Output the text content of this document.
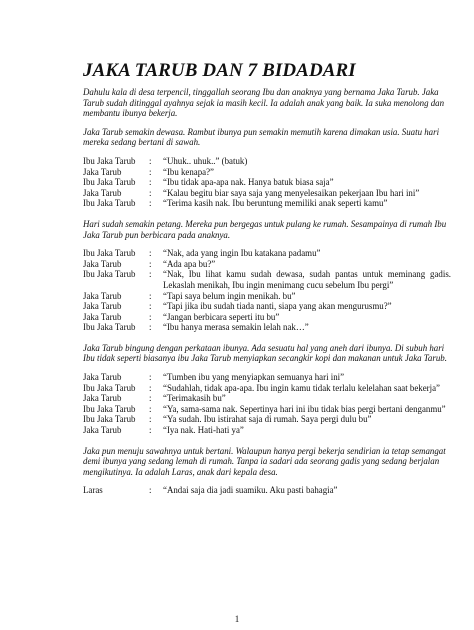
JAKA TARUB DAN 7 BIDADARI

Dahulu kala di desa terpencil, tinggallah seorang Ibu dan anaknya yang bernama Jaka Tarub. Jaka Tarub sudah ditinggal ayahnya sejak ia masih kecil. Ia adalah anak yang baik. Ia suka menolong dan membantu ibunya bekerja.

Jaka Tarub semakin dewasa. Rambut ibunya pun semakin memutih karena dimakan usia. Suatu hari mereka sedang bertani di sawah.

Ibu Jaka Tarub	:	“Uhuk.. uhuk..” (batuk)
Jaka Tarub	:	“Ibu kenapa?”
Ibu Jaka Tarub	:	“Ibu tidak apa-apa nak. Hanya batuk biasa saja”
Jaka Tarub	:	“Kalau begitu biar saya saja yang menyelesaikan pekerjaan Ibu hari ini”
Ibu Jaka Tarub	:	“Terima kasih nak. Ibu beruntung memiliki anak seperti kamu”

Hari sudah semakin petang. Mereka pun bergegas untuk pulang ke rumah. Sesampainya di rumah Ibu Jaka Tarub pun berbicara pada anaknya.

Ibu Jaka Tarub	:	“Nak, ada yang ingin Ibu katakana padamu”
Jaka Tarub	:	“Ada apa bu?”
Ibu Jaka Tarub	:	“Nak, Ibu lihat kamu sudah dewasa, sudah pantas untuk meminang gadis. Lekaslah menikah, Ibu ingin menimang cucu sebelum Ibu pergi”
Jaka Tarub	:	“Tapi saya belum ingin menikah. bu”
Jaka Tarub	:	“Tapi jika ibu sudah tiada nanti, siapa yang akan mengurusmu?”
Jaka Tarub	:	“Jangan berbicara seperti itu bu”
Ibu Jaka Tarub	:	“Ibu hanya merasa semakin lelah nak…”

Jaka Tarub bingung dengan perkataan ibunya. Ada sesuatu hal yang aneh dari ibunya. Di subuh hari Ibu tidak seperti biasanya ibu Jaka Tarub menyiapkan secangkir kopi dan makanan untuk Jaka Tarub.

Jaka Tarub	:	“Tumben ibu yang menyiapkan semuanya hari ini”
Ibu Jaka Tarub	:	“Sudahlah, tidak apa-apa. Ibu ingin kamu tidak terlalu kelelahan saat bekerja”
Jaka Tarub	:	“Terimakasih bu”
Ibu Jaka Tarub	:	“Ya, sama-sama nak. Sepertinya hari ini ibu tidak bias pergi bertani denganmu”
Ibu Jaka Tarub	:	“Ya sudah. Ibu istirahat saja di rumah. Saya pergi dulu bu”
Jaka Tarub	:	“Iya nak. Hati-hati ya”

Jaka pun menuju sawahnya untuk bertani. Walaupun hanya pergi bekerja sendirian ia tetap semangat demi ibunya yang sedang lemah di rumah. Tanpa ia sadari ada seorang gadis yang sedang berjalan mengikutinya. Ia adalah Laras, anak dari kepala desa.

Laras	:	“Andai saja dia jadi suamiku. Aku pasti bahagia”
1
